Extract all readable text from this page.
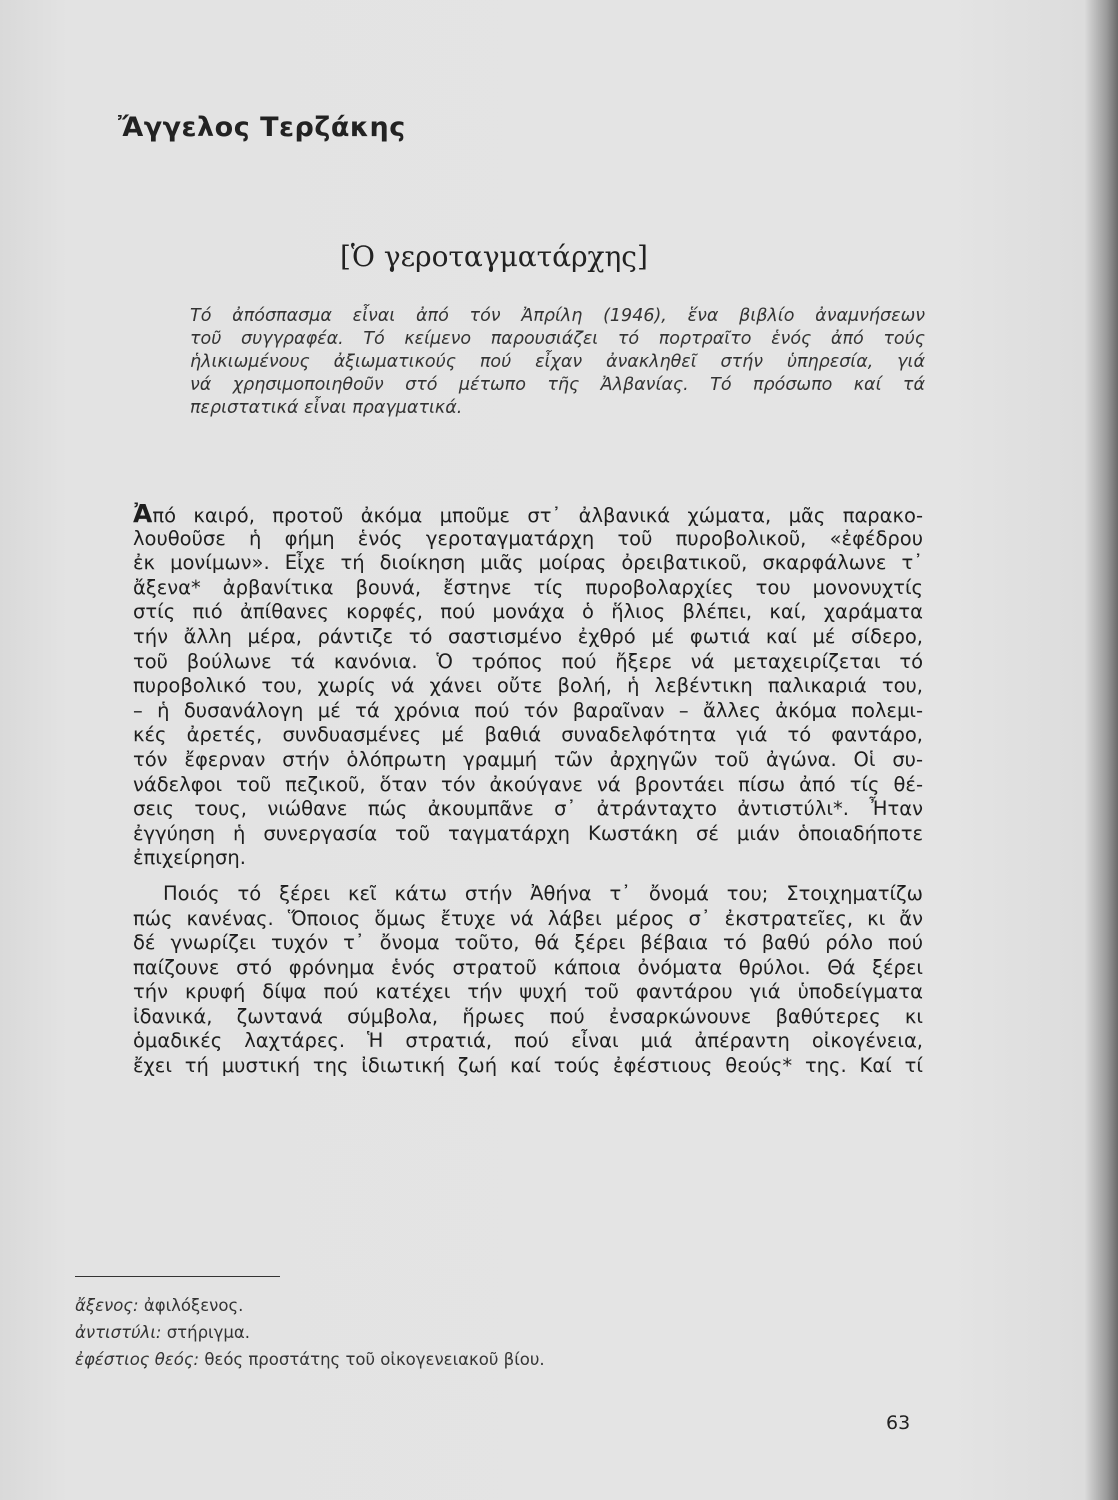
Ἄγγελος Τερζάκης
[Ὁ γεροταγματάρχης]
Τό ἀπόσπασμα εἶναι ἀπό τόν Ἀπρίλη (1946), ἕνα βιβλίο ἀναμνήσεων
τοῦ συγγραφέα. Τό κείμενο παρουσιάζει τό πορτραῖτο ἑνός ἀπό τούς
ἡλικιωμένους ἀξιωματικούς πού εἶχαν ἀνακληθεῖ στήν ὑπηρεσία, γιά
νά χρησιμοποιηθοῦν στό μέτωπο τῆς Ἀλβανίας. Τό πρόσωπο καί τά
περιστατικά εἶναι πραγματικά.
Ἀπό καιρό, προτοῦ ἀκόμα μποῦμε στ᾽ ἀλβανικά χώματα, μᾶς παρακο-
λουθοῦσε ἡ φήμη ἑνός γεροταγματάρχη τοῦ πυροβολικοῦ, «ἐφέδρου
ἐκ μονίμων». Εἶχε τή διοίκηση μιᾶς μοίρας ὀρειβατικοῦ, σκαρφάλωνε τ᾽
ἄξενα* ἀρβανίτικα βουνά, ἔστηνε τίς πυροβολαρχίες του μονονυχτίς
στίς πιό ἀπίθανες κορφές, πού μονάχα ὁ ἥλιος βλέπει, καί, χαράματα
τήν ἄλλη μέρα, ράντιζε τό σαστισμένο ἐχθρό μέ φωτιά καί μέ σίδερο,
τοῦ βούλωνε τά κανόνια. Ὁ τρόπος πού ἤξερε νά μεταχειρίζεται τό
πυροβολικό του, χωρίς νά χάνει οὔτε βολή, ἡ λεβέντικη παλικαριά του,
– ἡ δυσανάλογη μέ τά χρόνια πού τόν βαραῖναν – ἄλλες ἀκόμα πολεμι-
κές ἀρετές, συνδυασμένες μέ βαθιά συναδελφότητα γιά τό φαντάρο,
τόν ἔφερναν στήν ὁλόπρωτη γραμμή τῶν ἀρχηγῶν τοῦ ἀγώνα. Οἱ συ-
νάδελφοι τοῦ πεζικοῦ, ὅταν τόν ἀκούγανε νά βροντάει πίσω ἀπό τίς θέ-
σεις τους, νιώθανε πώς ἀκουμπᾶνε σ᾽ ἀτράνταχτο ἀντιστύλι*. Ἦταν
ἐγγύηση ἡ συνεργασία τοῦ ταγματάρχη Κωστάκη σέ μιάν ὁποιαδήποτε
ἐπιχείρηση.
Ποιός τό ξέρει κεῖ κάτω στήν Ἀθήνα τ᾽ ὄνομά του; Στοιχηματίζω
πώς κανένας. Ὅποιος ὅμως ἔτυχε νά λάβει μέρος σ᾽ ἐκστρατεῖες, κι ἄν
δέ γνωρίζει τυχόν τ᾽ ὄνομα τοῦτο, θά ξέρει βέβαια τό βαθύ ρόλο πού
παίζουνε στό φρόνημα ἑνός στρατοῦ κάποια ὀνόματα θρύλοι. Θά ξέρει
τήν κρυφή δίψα πού κατέχει τήν ψυχή τοῦ φαντάρου γιά ὑποδείγματα
ἰδανικά, ζωντανά σύμβολα, ἥρωες πού ἐνσαρκώνουνε βαθύτερες κι
ὁμαδικές λαχτάρες. Ἡ στρατιά, πού εἶναι μιά ἀπέραντη οἰκογένεια,
ἔχει τή μυστική της ἰδιωτική ζωή καί τούς ἐφέστιους θεούς* της. Καί τί
ἄξενος: ἀφιλόξενος.
ἀντιστύλι: στήριγμα.
ἐφέστιος θεός: θεός προστάτης τοῦ οἰκογενειακοῦ βίου.
63
